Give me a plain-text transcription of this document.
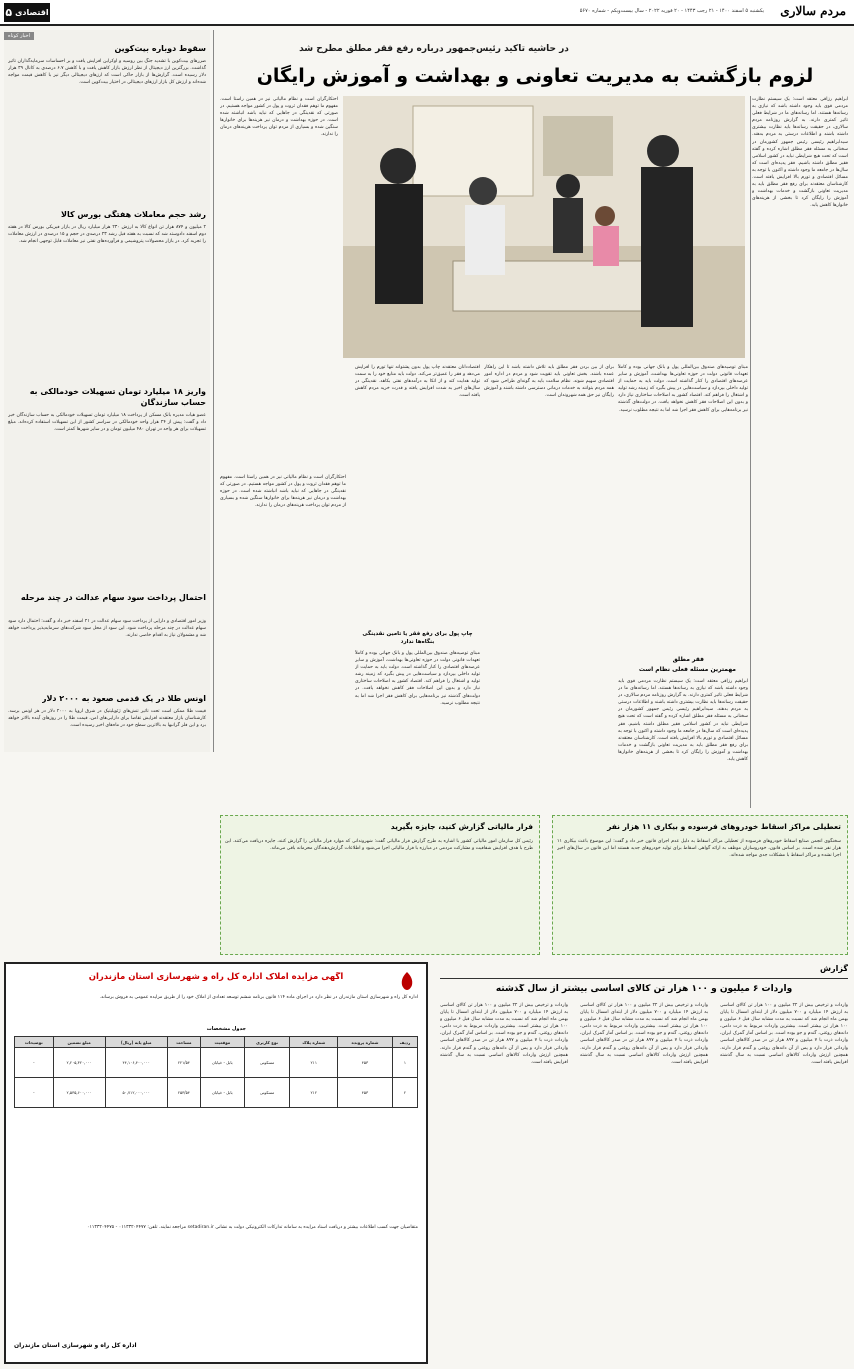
مردم سالاری
یکشنبه ۵ اسفند ۱۴۰۰ - ۲۱ رجب ۱۴۴۳ - ۲۰ فوریه ۲۰۲۲ - سال بیست‌ویکم - شماره ۵۶۷۰
اقتصادی
۵
اخبار کوتاه
سقوط دوباره بیت‌کوین
ضررهای بیت‌کوین با تشدید جنگ بین روسیه و اوکراین افزایش یافت و بر احساسات سرمایه‌گذاران تاثیر گذاشت. بزرگترین ارز دیجیتال از نظر ارزش بازار کاهش یافت و با کاهش ۶.۷ درصدی به کانال ۳۹ هزار دلار رسیده است. گزارش‌ها از بازار حاکی است که ارزهای دیجیتالی دیگر نیز با کاهش قیمت مواجه شده‌اند و ارزش کل بازار ارزهای دیجیتالی در اختیار بیت‌کوین است.
رشد حجم معاملات هفتگی بورس کالا
۲ میلیون و ۸۷۴ هزار تن انواع کالا به ارزش ۲۳۰ هزار میلیارد ریال در بازار فیزیکی بورس کالا در هفته دوم اسفند دادوستد شد که نسبت به هفته قبل رشد ۲۳ درصدی در حجم و ۱۵ درصدی در ارزش معاملات را تجربه کرد. در بازار محصولات پتروشیمی و فرآورده‌های نفتی نیز معاملات قابل توجهی انجام شد.
واریز ۱۸ میلیارد تومان تسهیلات خودمالکی به حساب سازندگان
عضو هیأت مدیره بانک مسکن از پرداخت ۱۸ میلیارد تومان تسهیلات خودمالکی به حساب سازندگان خبر داد و گفت: پیش از ۲۴ هزار واحد خودمالکی در سراسر کشور از این تسهیلات استفاده کرده‌اند. مبلغ تسهیلات برای هر واحد در تهران ۴۸۰ میلیون تومان و در سایر شهرها کمتر است.
احتمال پرداخت سود سهام عدالت در چند مرحله
وزیر امور اقتصادی و دارایی از پرداخت سود سهام عدالت در ۲۱ اسفند خبر داد و گفت: احتمال دارد سود سهام عدالت در چند مرحله پرداخت شود. این سود از محل سود شرکت‌های سرمایه‌پذیر پرداخت خواهد شد و مشمولان نیاز به اقدام خاصی ندارند.
اونس طلا در یک قدمی صعود به ۲۰۰۰ دلار
قیمت طلا ممکن است تحت تاثیر تنش‌های ژئوپلیتیک در شرق اروپا به ۲۰۰۰ دلار در هر اونس برسد. کارشناسان بازار معتقدند افزایش تقاضا برای دارایی‌های امن، قیمت طلا را در روزهای آینده بالاتر خواهد برد و این فلز گرانبها به بالاترین سطح خود در ماه‌های اخیر رسیده است.
در حاشیه تاکید رئیس‌جمهور درباره رفع فقر مطلق مطرح شد
لزوم بازگشت به مدیریت تعاونی و بهداشت و آموزش رایگان
ابراهیم رزاقی معتقد است: یک سیستم نظارت مردمی قوی باید وجود داشته باشد که نیازی به رسانه‌ها هستند. اما رسانه‌های ما در شرایط فعلی تاثیر کمتری دارند. به گزارش روزنامه مردم سالاری، در حقیقت رسانه‌ها باید نظارت بیشتری داشته باشند و اطلاعات درستی به مردم بدهند. سیدابراهیم رئیسی رئیس جمهور کشورمان در سخنانی به مسئله فقر مطلق اشاره کرده و گفته است که تحت هیچ شرایطی نباید در کشور اسلامی فقیر مطلق داشته باشیم. فقر پدیده‌ای است که سال‌ها در جامعه ما وجود داشته و اکنون با توجه به مسائل اقتصادی و تورم بالا افزایش یافته است. کارشناسان معتقدند برای رفع فقر مطلق باید به مدیریت تعاونی بازگشت و خدمات بهداشت و آموزش را رایگان کرد تا بخشی از هزینه‌های خانوارها کاهش یابد.
احتکارگران است و نظام مالیاتی نیز در همین راستا است. مفهوم ما توهم فقدان ثروت و پول در کشور مواجه هستیم. در صورتی که نقدینگی در جاهایی که نباید باشد انباشته شده است. در حوزه بهداشت و درمان نیز هزینه‌ها برای خانوارها سنگین شده و بسیاری از مردم توان پرداخت هزینه‌های درمان را ندارند.
مبنای توصیه‌های صندوق بین‌المللی پول و بانک جهانی بوده و کاملاً تعهدات قانونی دولت در حوزه تعاونی‌ها بهداشت، آموزش و سایر عرصه‌های اقتصادی را کنار گذاشته است. دولت باید به حمایت از تولید داخلی بپردازد و سیاست‌هایی در پیش بگیرد که زمینه رشد تولید و اشتغال را فراهم کند. اقتصاد کشور به اصلاحات ساختاری نیاز دارد و بدون این اصلاحات فقر کاهش نخواهد یافت. در دولت‌های گذشته نیز برنامه‌هایی برای کاهش فقر اجرا شد اما به نتیجه مطلوب نرسید.
فقر مطلق
مهمترین مسئله فعلی نظام است
ابراهیم رزاقی معتقد است: یک سیستم نظارت مردمی قوی باید وجود داشته باشد که نیازی به رسانه‌ها هستند. اما رسانه‌های ما در شرایط فعلی تاثیر کمتری دارند. به گزارش روزنامه مردم سالاری، در حقیقت رسانه‌ها باید نظارت بیشتری داشته باشند و اطلاعات درستی به مردم بدهند. سیدابراهیم رئیسی رئیس جمهور کشورمان در سخنانی به مسئله فقر مطلق اشاره کرده و گفته است که تحت هیچ شرایطی نباید در کشور اسلامی فقیر مطلق داشته باشیم. فقر پدیده‌ای است که سال‌ها در جامعه ما وجود داشته و اکنون با توجه به مسائل اقتصادی و تورم بالا افزایش یافته است. کارشناسان معتقدند برای رفع فقر مطلق باید به مدیریت تعاونی بازگشت و خدمات بهداشت و آموزش را رایگان کرد تا بخشی از هزینه‌های خانوارها کاهش یابد.
برای از بین بردن فقر مطلق باید تلاش داشته باشد تا این راهکار عمده باشند. بخش تعاونی باید تقویت شود و مردم در اداره امور اقتصادی سهیم شوند. نظام سلامت باید به گونه‌ای طراحی شود که همه مردم بتوانند به خدمات درمانی دسترسی داشته باشند و آموزش رایگان نیز حق همه شهروندان است.
اقتصاددانان معتقدند چاپ پول بدون پشتوانه تنها تورم را افزایش می‌دهد و فقر را عمیق‌تر می‌کند. دولت باید منابع خود را به سمت تولید هدایت کند و از اتکا به درآمدهای نفتی بکاهد. نقدینگی در سال‌های اخیر به شدت افزایش یافته و قدرت خرید مردم کاهش یافته است.
چاپ پول برای رفع فقر یا تامین نقدینگی بنگاه‌ها ندارد
مبنای توصیه‌های صندوق بین‌المللی پول و بانک جهانی بوده و کاملاً تعهدات قانونی دولت در حوزه تعاونی‌ها بهداشت، آموزش و سایر عرصه‌های اقتصادی را کنار گذاشته است. دولت باید به حمایت از تولید داخلی بپردازد و سیاست‌هایی در پیش بگیرد که زمینه رشد تولید و اشتغال را فراهم کند. اقتصاد کشور به اصلاحات ساختاری نیاز دارد و بدون این اصلاحات فقر کاهش نخواهد یافت. در دولت‌های گذشته نیز برنامه‌هایی برای کاهش فقر اجرا شد اما به نتیجه مطلوب نرسید.
احتکارگران است و نظام مالیاتی نیز در همین راستا است. مفهوم ما توهم فقدان ثروت و پول در کشور مواجه هستیم. در صورتی که نقدینگی در جاهایی که نباید باشد انباشته شده است. در حوزه بهداشت و درمان نیز هزینه‌ها برای خانوارها سنگین شده و بسیاری از مردم توان پرداخت هزینه‌های درمان را ندارند.
تعطیلی مراکز اسقاط خودروهای فرسوده و بیکاری ۱۱ هزار نفر
سخنگوی انجمن صنایع اسقاط خودروهای فرسوده از تعطیلی مراکز اسقاط به دلیل عدم اجرای قانون خبر داد و گفت: این موضوع باعث بیکاری ۱۱ هزار نفر شده است. بر اساس قانون، خودروسازان موظف به ارائه گواهی اسقاط برای تولید خودروهای جدید هستند اما این قانون در سال‌های اخیر اجرا نشده و مراکز اسقاط با مشکلات جدی مواجه شده‌اند.
فرار مالیاتی گزارش کنید، جایزه بگیرید
رئیس کل سازمان امور مالیاتی کشور با اشاره به طرح گزارش فرار مالیاتی گفت: شهروندانی که موارد فرار مالیاتی را گزارش کنند، جایزه دریافت می‌کنند. این طرح با هدف افزایش شفافیت و مشارکت مردمی در مبارزه با فرار مالیاتی اجرا می‌شود و اطلاعات گزارش‌دهندگان محرمانه باقی می‌ماند.
گزارش
واردات ۶ میلیون و ۱۰۰ هزار تن کالای اساسی بیشتر از سال گذشته
واردات و ترخیص بیش از ۲۲ میلیون و ۱۰۰ هزار تن کالای اساسی به ارزش ۱۴ میلیارد و ۷۰۰ میلیون دلار از ابتدای امسال تا پایان بهمن ماه انجام شد که نسبت به مدت مشابه سال قبل ۶ میلیون و ۱۰۰ هزار تن بیشتر است. بیشترین واردات مربوط به ذرت دامی، دانه‌های روغنی، گندم و جو بوده است. بر اساس آمار گمرک ایران، واردات ذرت با ۷ میلیون و ۸۹۷ هزار تن در صدر کالاهای اساسی وارداتی قرار دارد و پس از آن دانه‌های روغنی و گندم قرار دارند. همچنین ارزش واردات کالاهای اساسی نسبت به سال گذشته افزایش یافته است.
واردات و ترخیص بیش از ۲۲ میلیون و ۱۰۰ هزار تن کالای اساسی به ارزش ۱۴ میلیارد و ۷۰۰ میلیون دلار از ابتدای امسال تا پایان بهمن ماه انجام شد که نسبت به مدت مشابه سال قبل ۶ میلیون و ۱۰۰ هزار تن بیشتر است. بیشترین واردات مربوط به ذرت دامی، دانه‌های روغنی، گندم و جو بوده است. بر اساس آمار گمرک ایران، واردات ذرت با ۷ میلیون و ۸۹۷ هزار تن در صدر کالاهای اساسی وارداتی قرار دارد و پس از آن دانه‌های روغنی و گندم قرار دارند. همچنین ارزش واردات کالاهای اساسی نسبت به سال گذشته افزایش یافته است.
واردات و ترخیص بیش از ۲۲ میلیون و ۱۰۰ هزار تن کالای اساسی به ارزش ۱۴ میلیارد و ۷۰۰ میلیون دلار از ابتدای امسال تا پایان بهمن ماه انجام شد که نسبت به مدت مشابه سال قبل ۶ میلیون و ۱۰۰ هزار تن بیشتر است. بیشترین واردات مربوط به ذرت دامی، دانه‌های روغنی، گندم و جو بوده است. بر اساس آمار گمرک ایران، واردات ذرت با ۷ میلیون و ۸۹۷ هزار تن در صدر کالاهای اساسی وارداتی قرار دارد و پس از آن دانه‌های روغنی و گندم قرار دارند. همچنین ارزش واردات کالاهای اساسی نسبت به سال گذشته افزایش یافته است.
آگهی مزایده املاک اداره کل راه و شهرسازی استان مازندران
اداره کل راه و شهرسازی استان مازندران در نظر دارد در اجرای ماده ۱۱۴ قانون برنامه ششم توسعه تعدادی از املاک خود را از طریق مزایده عمومی به فروش برساند.
جدول مشخصات
ردیف	شماره پرونده	شماره پلاک	نوع کاربری	موقعیت	مساحت	مبلغ پایه (ریال)	مبلغ تضمین	توضیحات
۱	۴۵۳	۲۱۱	مسکونی	بابل - خیابان	۲۲۱/۵۴	۴۴,۱۰۶,۴۰۰,۰۰۰	۲,۲۰۵,۳۲۰,۰۰۰	-
۲	۴۵۳	۲۱۲	مسکونی	بابل - خیابان	۲۵۳/۵۴	۵۰,۷۱۲,۰۰۰,۰۰۰	۲,۵۳۵,۶۰۰,۰۰۰	-
متقاضیان جهت کسب اطلاعات بیشتر و دریافت اسناد مزایده به سامانه تدارکات الکترونیکی دولت به نشانی setadiran.ir مراجعه نمایند. تلفن: ۰۱۱۳۳۲۰۴۴۷۷ - ۰۱۱۳۳۲۰۴۴۷۵
اداره کل راه و شهرسازی استان مازندران
